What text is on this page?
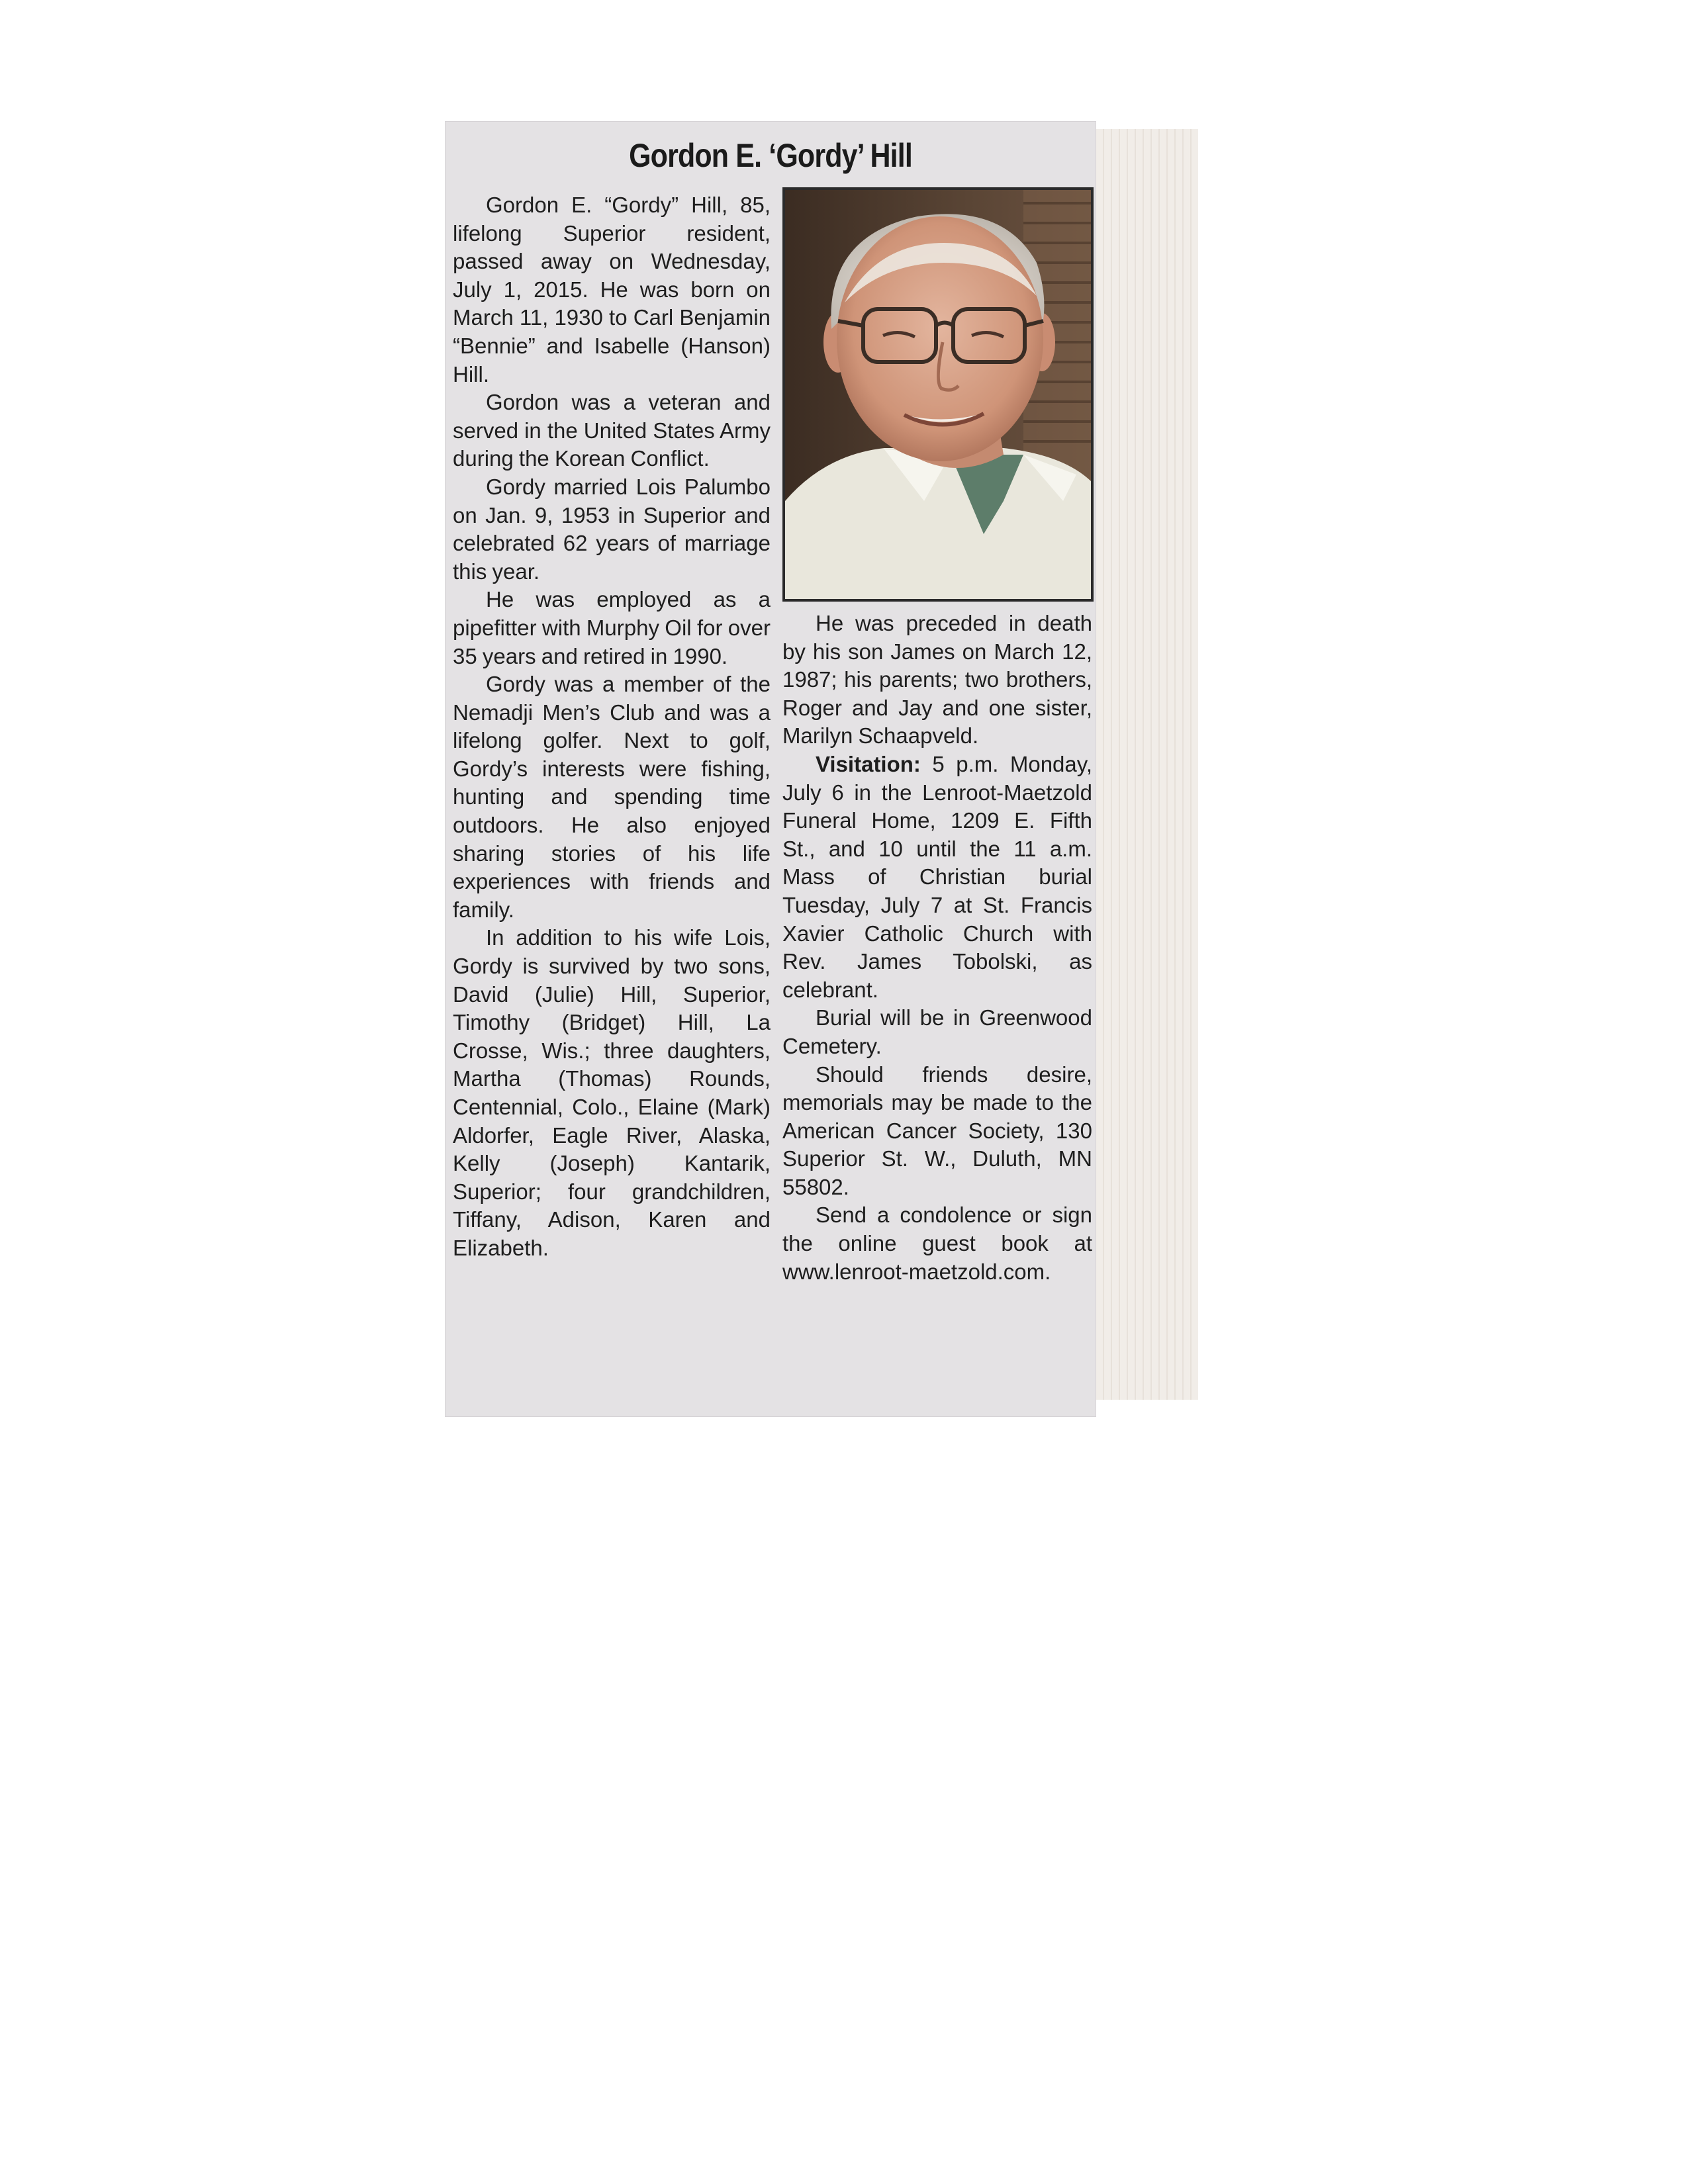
Gordon E. ‘Gordy’ Hill

Gordon E. “Gordy” Hill, 85, lifelong Superior resident, passed away on Wednesday, July 1, 2015. He was born on March 11, 1930 to Carl Benjamin “Bennie” and Isabelle (Hanson) Hill.

Gordon was a veteran and served in the United States Army during the Korean Conflict.

Gordy married Lois Palumbo on Jan. 9, 1953 in Superior and celebrated 62 years of marriage this year.

He was employed as a pipefitter with Murphy Oil for over 35 years and retired in 1990.

Gordy was a member of the Nemadji Men’s Club and was a lifelong golfer. Next to golf, Gordy’s interests were fishing, hunting and spending time outdoors. He also enjoyed sharing stories of his life experiences with friends and family.

In addition to his wife Lois, Gordy is survived by two sons, David (Julie) Hill, Superior, Timothy (Bridget) Hill, La Crosse, Wis.; three daughters, Martha (Thomas) Rounds, Centennial, Colo., Elaine (Mark) Aldorfer, Eagle River, Alaska, Kelly (Joseph) Kantarik, Superior; four grandchildren, Tiffany, Adison, Karen and Elizabeth.

He was preceded in death by his son James on March 12, 1987; his parents; two brothers, Roger and Jay and one sister, Marilyn Schaapveld.

Visitation: 5 p.m. Monday, July 6 in the Lenroot-Maetzold Funeral Home, 1209 E. Fifth St., and 10 until the 11 a.m. Mass of Christian burial Tuesday, July 7 at St. Francis Xavier Catholic Church with Rev. James Tobolski, as celebrant.

Burial will be in Greenwood Cemetery.

Should friends desire, memorials may be made to the American Cancer Society, 130 Superior St. W., Duluth, MN 55802.

Send a condolence or sign the online guest book at www.lenroot-maetzold.com.
